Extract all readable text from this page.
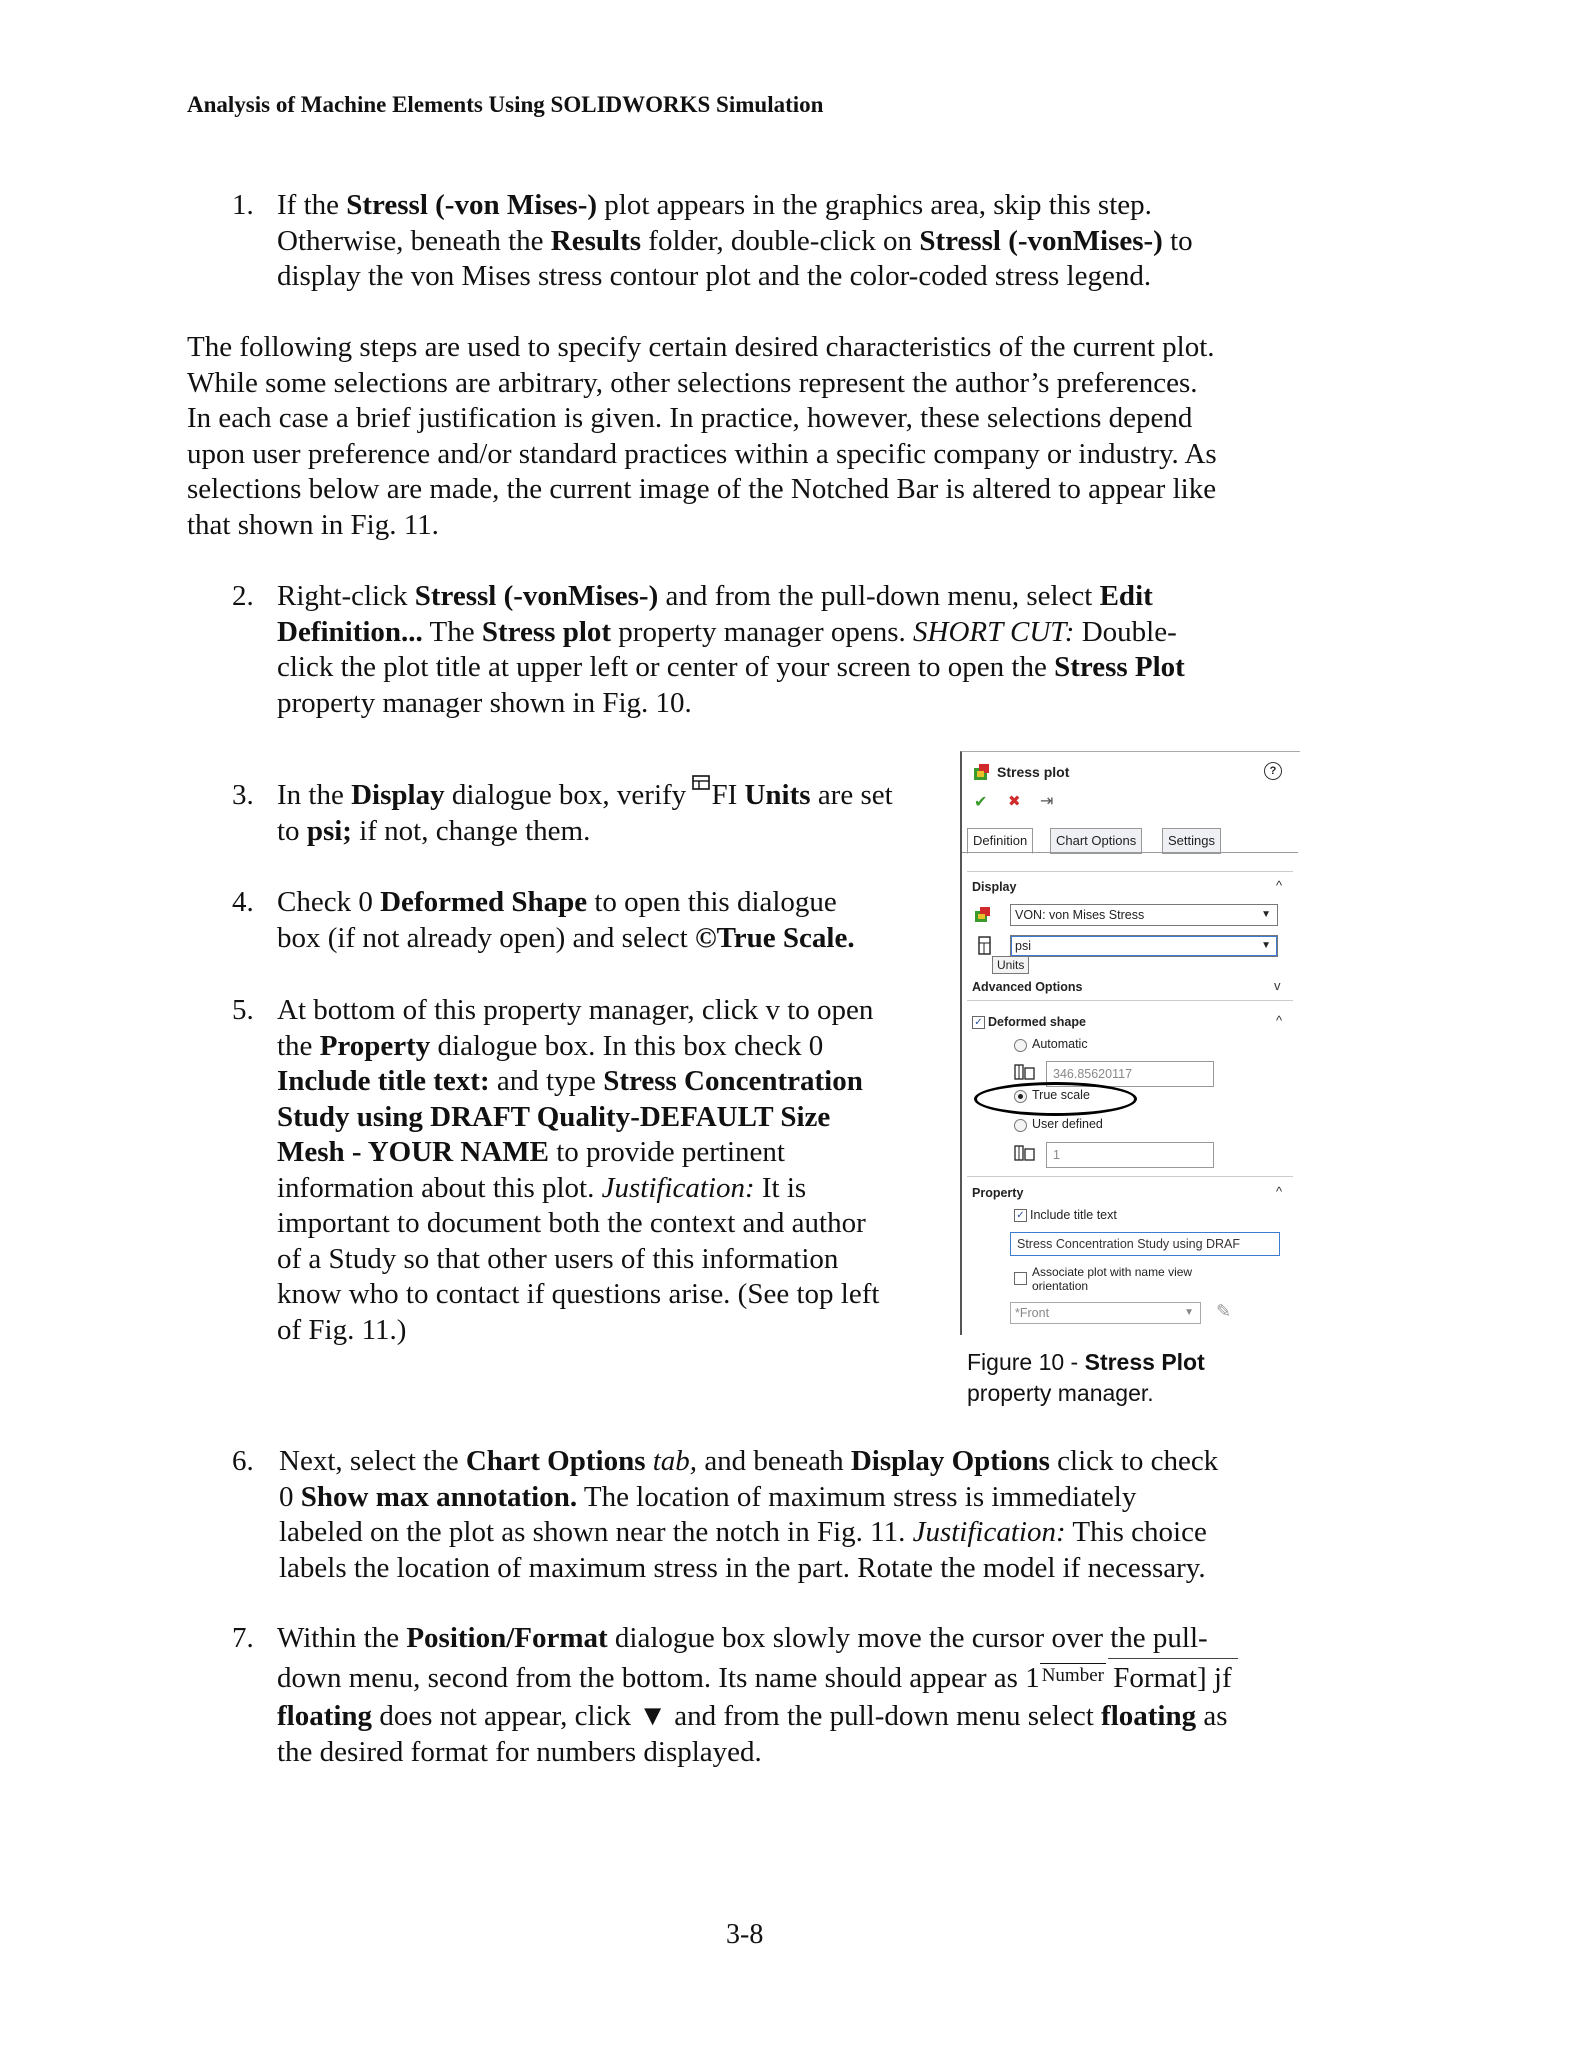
Analysis of Machine Elements Using SOLIDWORKS Simulation
1. If the Stressl (-von Mises-) plot appears in the graphics area, skip this step.
Otherwise, beneath the Results folder, double-click on Stressl (-vonMises-) to
display the von Mises stress contour plot and the color-coded stress legend.
The following steps are used to specify certain desired characteristics of the current plot.
While some selections are arbitrary, other selections represent the author’s preferences.
In each case a brief justification is given. In practice, however, these selections depend
upon user preference and/or standard practices within a specific company or industry. As
selections below are made, the current image of the Notched Bar is altered to appear like
that shown in Fig. 11.
2. Right-click Stressl (-vonMises-) and from the pull-down menu, select Edit
Definition... The Stress plot property manager opens. SHORT CUT: Double-
click the plot title at upper left or center of your screen to open the Stress Plot
property manager shown in Fig. 10.
3. In the Display dialogue box, verify
FI Units are set
to psi; if not, change them.
4. Check 0 Deformed Shape to open this dialogue
box (if not already open) and select ©True Scale.
5. At bottom of this property manager, click v to open
the Property dialogue box. In this box check 0
Include title text: and type Stress Concentration
Study using DRAFT Quality-DEFAULT Size
Mesh - YOUR NAME to provide pertinent
information about this plot. Justification: It is
important to document both the context and author
of a Study so that other users of this information
know who to contact if questions arise. (See top left
of Fig. 11.)
Stress plot	?
✔ ✖ ⇥
Definition	Chart Options	Settings
Display	^
VON: von Mises Stress	▼
psi	▼
Units
Advanced Options	v
✓ Deformed shape	^
Automatic
346.85620117
True scale
User defined
1
Property	^
✓ Include title text
Stress Concentration Study using DRAF
Associate plot with name view
orientation
*Front	▼ ✎
Figure 10 - Stress Plot
property manager.
6. Next, select the Chart Options tab, and beneath Display Options click to check
0 Show max annotation. The location of maximum stress is immediately
labeled on the plot as shown near the notch in Fig. 11. Justification: This choice
labels the location of maximum stress in the part. Rotate the model if necessary.
7. Within the Position/Format dialogue box slowly move the cursor over the pull-
down menu, second from the bottom. Its name should appear as 1 $^{Number}$ Format] jf
floating does not appear, click ▼ and from the pull-down menu select floating as
the desired format for numbers displayed.
3-8
